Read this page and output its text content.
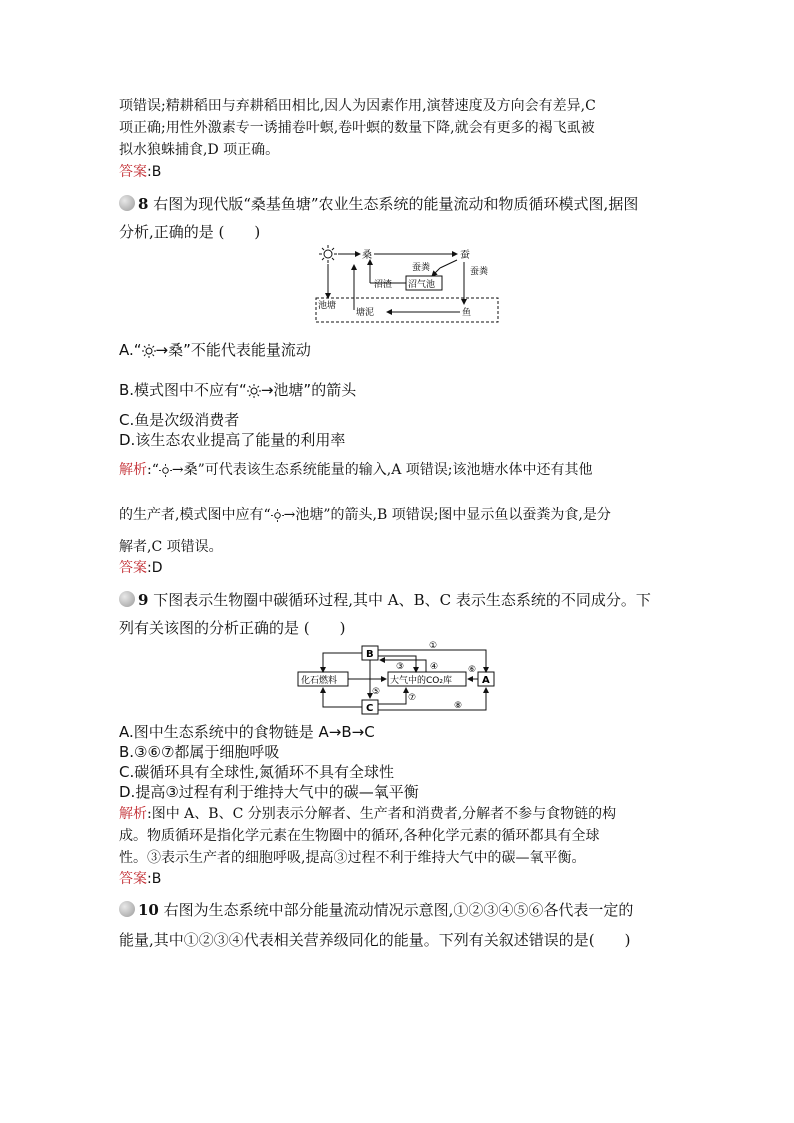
项错误;精耕稻田与弃耕稻田相比,因人为因素作用,演替速度及方向会有差异,C
项正确;用性外激素专一诱捕卷叶螟,卷叶螟的数量下降,就会有更多的褐飞虱被
拟水狼蛛捕食,D 项正确。
答案:B
8 右图为现代版“桑基鱼塘”农业生态系统的能量流动和物质循环模式图,据图
分析,正确的是 (　　)
桑	蚕
池塘
塘泥	鱼
蚕粪
沼气池
沼渣
蚕粪
A.“ →桑”不能代表能量流动
B.模式图中不应有“ →池塘”的箭头
C.鱼是次级消费者
D.该生态农业提高了能量的利用率
解析:“ →桑”可代表该生态系统能量的输入,A 项错误;该池塘水体中还有其他
的生产者,模式图中应有“ →池塘”的箭头,B 项错误;图中显示鱼以蚕粪为食,是分
解者,C 项错误。
答案:D
9 下图表示生物圈中碳循环过程,其中 A、B、C 表示生态系统的不同成分。下
列有关该图的分析正确的是 (　　)
B
化石燃料	大气中的CO₂库	A
C
①
③	④
⑤
⑥
⑦
⑧
A.图中生态系统中的食物链是 A→B→C
B.③⑥⑦都属于细胞呼吸
C.碳循环具有全球性,氮循环不具有全球性
D.提高③过程有利于维持大气中的碳—氧平衡
解析:图中 A、B、C 分别表示分解者、生产者和消费者,分解者不参与食物链的构
成。物质循环是指化学元素在生物圈中的循环,各种化学元素的循环都具有全球
性。③表示生产者的细胞呼吸,提高③过程不利于维持大气中的碳—氧平衡。
答案:B
10 右图为生态系统中部分能量流动情况示意图,①②③④⑤⑥各代表一定的
能量,其中①②③④代表相关营养级同化的能量。下列有关叙述错误的是(　　)
